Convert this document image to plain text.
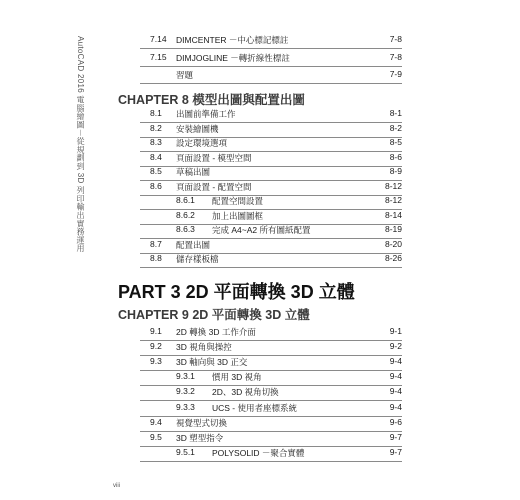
AutoCAD 2016 電腦繪圖－從規劃到 3D 列印輸出實務運用	7.14 DIMCENTER －中心標記標註	7-8
7.15 DIMJOGLINE －轉折線性標註	7-8
習題	7-9
CHAPTER 8 模型出圖與配置出圖
8.1 出圖前準備工作	8-1
8.2 安裝繪圖機	8-2
8.3 設定環境選項	8-5
8.4 頁面設置 - 模型空間	8-6
8.5 草稿出圖	8-9
8.6 頁面設置 - 配置空間	8-12
8.6.1 配置空間設置	8-12
8.6.2 加上出圖圖框	8-14
8.6.3 完成 A4~A2 所有圖紙配置	8-19
8.7 配置出圖	8-20
8.8 儲存樣板檔	8-26
PART 3 2D 平面轉換 3D 立體
CHAPTER 9 2D 平面轉換 3D 立體
9.1 2D 轉換 3D 工作介面	9-1
9.2 3D 視角與操控	9-2
9.3 3D 軸向與 3D 正交	9-4
9.3.1 慣用 3D 視角	9-4
9.3.2 2D、3D 視角切換	9-4
9.3.3 UCS - 使用者座標系統	9-4
9.4 視覺型式切換	9-6
9.5 3D 塑型指令	9-7
9.5.1 POLYSOLID －聚合實體	9-7
viii
